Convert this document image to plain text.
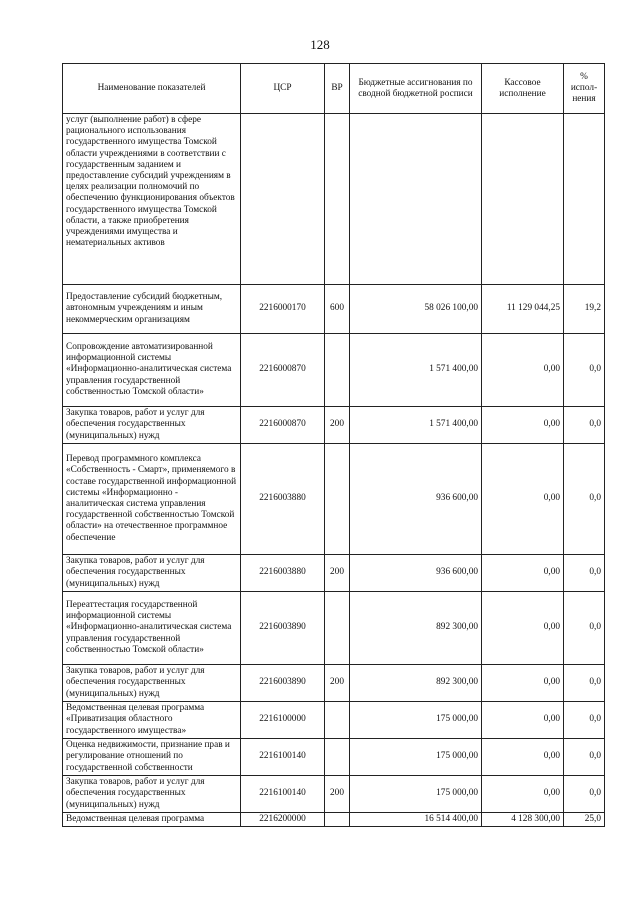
128
Наименование показателей	ЦСР	ВР	Бюджетные ассигнования по сводной бюджетной росписи	Кассовое исполнение	% испол-нения
услуг (выполнение работ) в сфере рационального использования государственного имущества Томской области учреждениями в соответствии с государственным заданием и предоставление субсидий учреждениям в целях реализации полномочий по обеспечению функционирования объектов государственного имущества Томской области, а также приобретения учреждениями имущества и нематериальных активов					
Предоставление субсидий бюджетным, автономным учреждениям и иным некоммерческим организациям	2216000170	600	58 026 100,00	11 129 044,25	19,2
Сопровождение автоматизированной информационной системы «Информационно-аналитическая система управления государственной собственностью Томской области»	2216000870		1 571 400,00	0,00	0,0
Закупка товаров, работ и услуг для обеспечения государственных (муниципальных) нужд	2216000870	200	1 571 400,00	0,00	0,0
Перевод программного комплекса «Собственность - Смарт», применяемого в составе государственной информационной системы «Информационно - аналитическая система управления государственной собственностью Томской области» на отечественное программное обеспечение	2216003880		936 600,00	0,00	0,0
Закупка товаров, работ и услуг для обеспечения государственных (муниципальных) нужд	2216003880	200	936 600,00	0,00	0,0
Переаттестация государственной информационной системы «Информационно-аналитическая система управления государственной собственностью Томской области»	2216003890		892 300,00	0,00	0,0
Закупка товаров, работ и услуг для обеспечения государственных (муниципальных) нужд	2216003890	200	892 300,00	0,00	0,0
Ведомственная целевая программа «Приватизация областного государственного имущества»	2216100000		175 000,00	0,00	0,0
Оценка недвижимости, признание прав и регулирование отношений по государственной собственности	2216100140		175 000,00	0,00	0,0
Закупка товаров, работ и услуг для обеспечения государственных (муниципальных) нужд	2216100140	200	175 000,00	0,00	0,0
Ведомственная целевая программа	2216200000		16 514 400,00	4 128 300,00	25,0
